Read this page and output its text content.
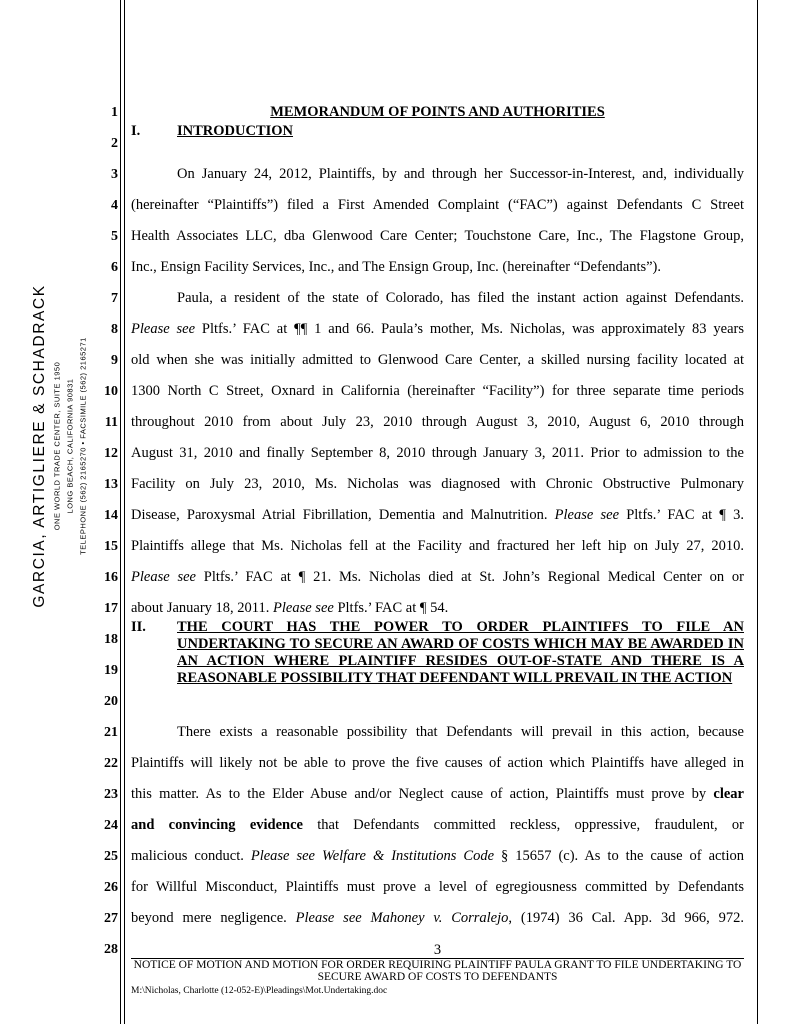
GARCIA, ARTIGLIERE & SCHADRACK ONE WORLD TRADE CENTER, SUITE 1950 LONG BEACH, CALIFORNIA 90831 TELEPHONE (562) 2165270 • FACSIMILE (562) 2165271
1
2
3
4
5
6
7
8
9
10
11
12
13
14
15
16
17
18
19
20
21
22
23
24
25
26
27
28
MEMORANDUM OF POINTS AND AUTHORITIES
I.	INTRODUCTION
On January 24, 2012, Plaintiffs, by and through her Successor-in-Interest, and, individually
(hereinafter “Plaintiffs”) filed a First Amended Complaint (“FAC”) against Defendants C Street
Health Associates LLC, dba Glenwood Care Center; Touchstone Care, Inc., The Flagstone Group,
Inc., Ensign Facility Services, Inc., and The Ensign Group, Inc. (hereinafter “Defendants”).
Paula, a resident of the state of Colorado, has filed the instant action against Defendants.
Please see Pltfs.’ FAC at ¶¶ 1 and 66. Paula’s mother, Ms. Nicholas, was approximately 83 years
old when she was initially admitted to Glenwood Care Center, a skilled nursing facility located at
1300 North C Street, Oxnard in California (hereinafter “Facility”) for three separate time periods
throughout 2010 from about July 23, 2010 through August 3, 2010, August 6, 2010 through
August 31, 2010 and finally September 8, 2010 through January 3, 2011. Prior to admission to the
Facility on July 23, 2010, Ms. Nicholas was diagnosed with Chronic Obstructive Pulmonary
Disease, Paroxysmal Atrial Fibrillation, Dementia and Malnutrition. Please see Pltfs.’ FAC at ¶ 3.
Plaintiffs allege that Ms. Nicholas fell at the Facility and fractured her left hip on July 27, 2010.
Please see Pltfs.’ FAC at ¶ 21. Ms. Nicholas died at St. John’s Regional Medical Center on or
about January 18, 2011. Please see Pltfs.’ FAC at ¶ 54.
II. THE COURT HAS THE POWER TO ORDER PLAINTIFFS TO FILE AN UNDERTAKING TO SECURE AN AWARD OF COSTS WHICH MAY BE AWARDED IN AN ACTION WHERE PLAINTIFF RESIDES OUT-OF-STATE AND THERE IS A REASONABLE POSSIBILITY THAT DEFENDANT WILL PREVAIL IN THE ACTION
There exists a reasonable possibility that Defendants will prevail in this action, because
Plaintiffs will likely not be able to prove the five causes of action which Plaintiffs have alleged in
this matter. As to the Elder Abuse and/or Neglect cause of action, Plaintiffs must prove by clear
and convincing evidence that Defendants committed reckless, oppressive, fraudulent, or
malicious conduct. Please see Welfare & Institutions Code § 15657 (c). As to the cause of action
for Willful Misconduct, Plaintiffs must prove a level of egregiousness committed by Defendants
beyond mere negligence. Please see Mahoney v. Corralejo, (1974) 36 Cal. App. 3d 966, 972.
3
NOTICE OF MOTION AND MOTION FOR ORDER REQUIRING PLAINTIFF PAULA GRANT TO FILE UNDERTAKING TO SECURE AWARD OF COSTS TO DEFENDANTS
M:\Nicholas, Charlotte (12-052-E)\Pleadings\Mot.Undertaking.doc
